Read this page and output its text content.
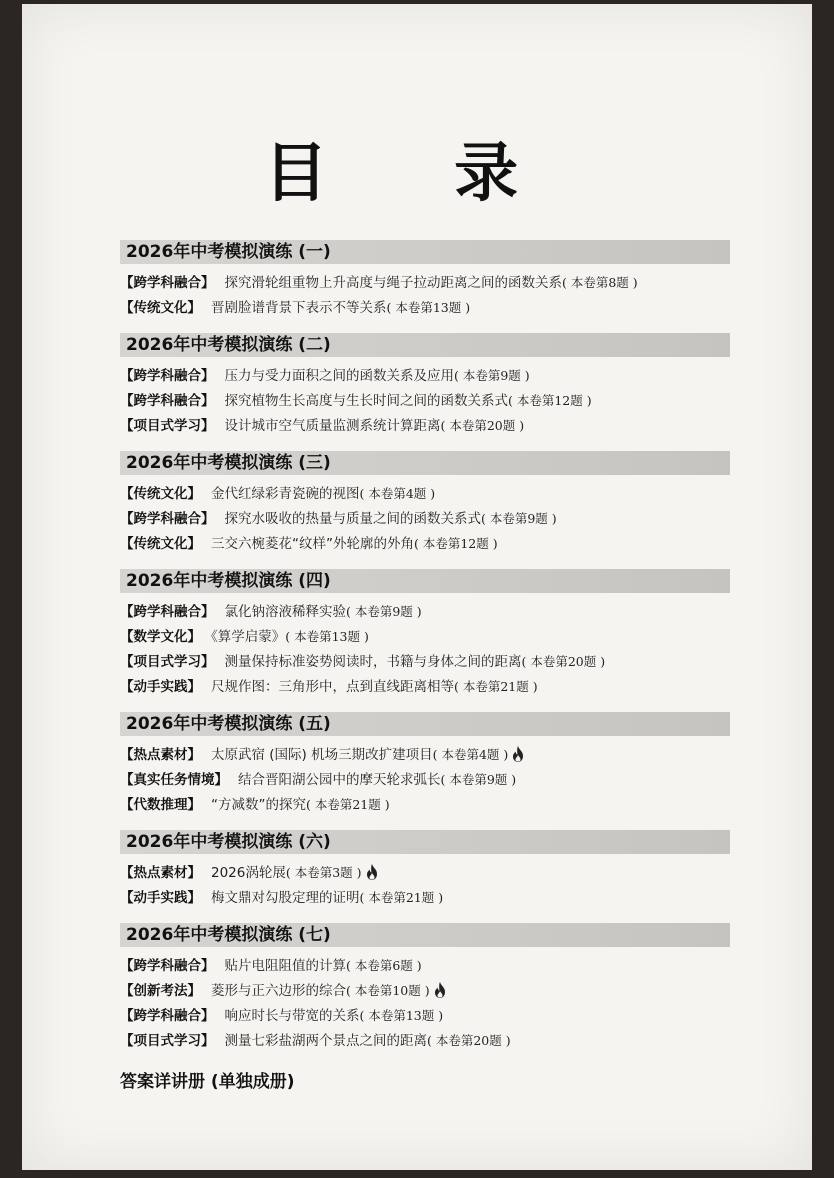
目 录
2026年中考模拟演练 (一)
【跨学科融合】 探究滑轮组重物上升高度与绳子拉动距离之间的函数关系( 本卷第8题 )
【传统文化】 晋剧脸谱背景下表示不等关系( 本卷第13题 )
2026年中考模拟演练 (二)
【跨学科融合】 压力与受力面积之间的函数关系及应用( 本卷第9题 )
【跨学科融合】 探究植物生长高度与生长时间之间的函数关系式( 本卷第12题 )
【项目式学习】 设计城市空气质量监测系统计算距离( 本卷第20题 )
2026年中考模拟演练 (三)
【传统文化】 金代红绿彩青瓷碗的视图( 本卷第4题 )
【跨学科融合】 探究水吸收的热量与质量之间的函数关系式( 本卷第9题 )
【传统文化】 三交六椀菱花“纹样”外轮廓的外角( 本卷第12题 )
2026年中考模拟演练 (四)
【跨学科融合】 氯化钠溶液稀释实验( 本卷第9题 )
【数学文化】 《算学启蒙》( 本卷第13题 )
【项目式学习】 测量保持标准姿势阅读时，书籍与身体之间的距离( 本卷第20题 )
【动手实践】 尺规作图：三角形中，点到直线距离相等( 本卷第21题 )
2026年中考模拟演练 (五)
【热点素材】 太原武宿 (国际) 机场三期改扩建项目( 本卷第4题 )
【真实任务情境】 结合晋阳湖公园中的摩天轮求弧长( 本卷第9题 )
【代数推理】 “方减数”的探究( 本卷第21题 )
2026年中考模拟演练 (六)
【热点素材】 2026涡轮展( 本卷第3题 )
【动手实践】 梅文鼎对勾股定理的证明( 本卷第21题 )
2026年中考模拟演练 (七)
【跨学科融合】 贴片电阻阻值的计算( 本卷第6题 )
【创新考法】 菱形与正六边形的综合( 本卷第10题 )
【跨学科融合】 响应时长与带宽的关系( 本卷第13题 )
【项目式学习】 测量七彩盐湖两个景点之间的距离( 本卷第20题 )
答案详讲册 (单独成册)
